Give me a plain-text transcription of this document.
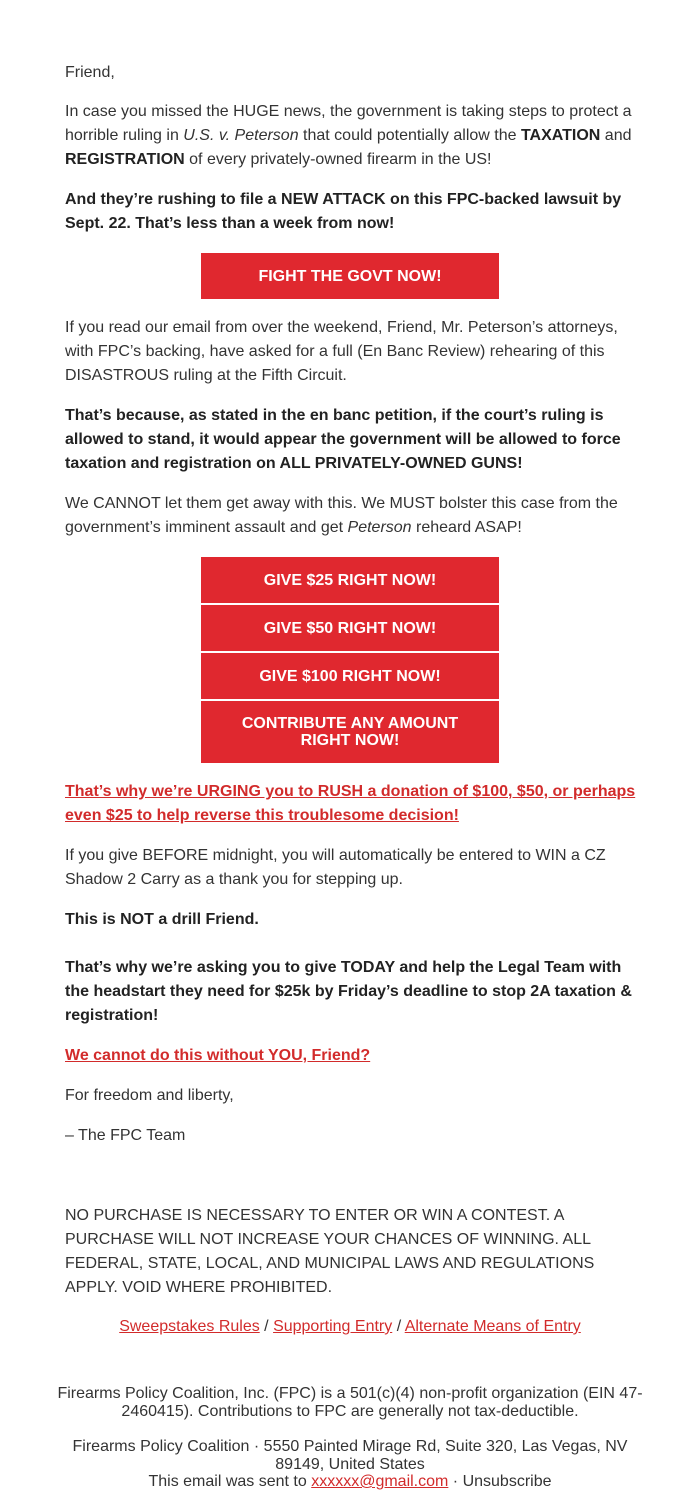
Friend,

In case you missed the HUGE news, the government is taking steps to protect a horrible ruling in U.S. v. Peterson that could potentially allow the TAXATION and REGISTRATION of every privately-owned firearm in the US!

And they’re rushing to file a NEW ATTACK on this FPC-backed lawsuit by Sept. 22. That’s less than a week from now!

FIGHT THE GOVT NOW!

If you read our email from over the weekend, Friend, Mr. Peterson’s attorneys, with FPC’s backing, have asked for a full (En Banc Review) rehearing of this DISASTROUS ruling at the Fifth Circuit.

That’s because, as stated in the en banc petition, if the court’s ruling is allowed to stand, it would appear the government will be allowed to force taxation and registration on ALL PRIVATELY-OWNED GUNS!

We CANNOT let them get away with this. We MUST bolster this case from the government’s imminent assault and get Peterson reheard ASAP!

GIVE $25 RIGHT NOW!
GIVE $50 RIGHT NOW!
GIVE $100 RIGHT NOW!
CONTRIBUTE ANY AMOUNT
RIGHT NOW!

That’s why we’re URGING you to RUSH a donation of $100, $50, or perhaps even $25 to help reverse this troublesome decision!

If you give BEFORE midnight, you will automatically be entered to WIN a CZ Shadow 2 Carry as a thank you for stepping up.

This is NOT a drill Friend.

That’s why we’re asking you to give TODAY and help the Legal Team with the headstart they need for $25k by Friday’s deadline to stop 2A taxation & registration!

We cannot do this without YOU, Friend?

For freedom and liberty,

– The FPC Team

NO PURCHASE IS NECESSARY TO ENTER OR WIN A CONTEST. A PURCHASE WILL NOT INCREASE YOUR CHANCES OF WINNING. ALL FEDERAL, STATE, LOCAL, AND MUNICIPAL LAWS AND REGULATIONS APPLY. VOID WHERE PROHIBITED.

Sweepstakes Rules / Supporting Entry / Alternate Means of Entry

Firearms Policy Coalition, Inc. (FPC) is a 501(c)(4) non-profit organization (EIN 47-2460415). Contributions to FPC are generally not tax-deductible.

Firearms Policy Coalition · 5550 Painted Mirage Rd, Suite 320, Las Vegas, NV 89149, United States

This email was sent to xxxxxx@gmail.com · Unsubscribe
